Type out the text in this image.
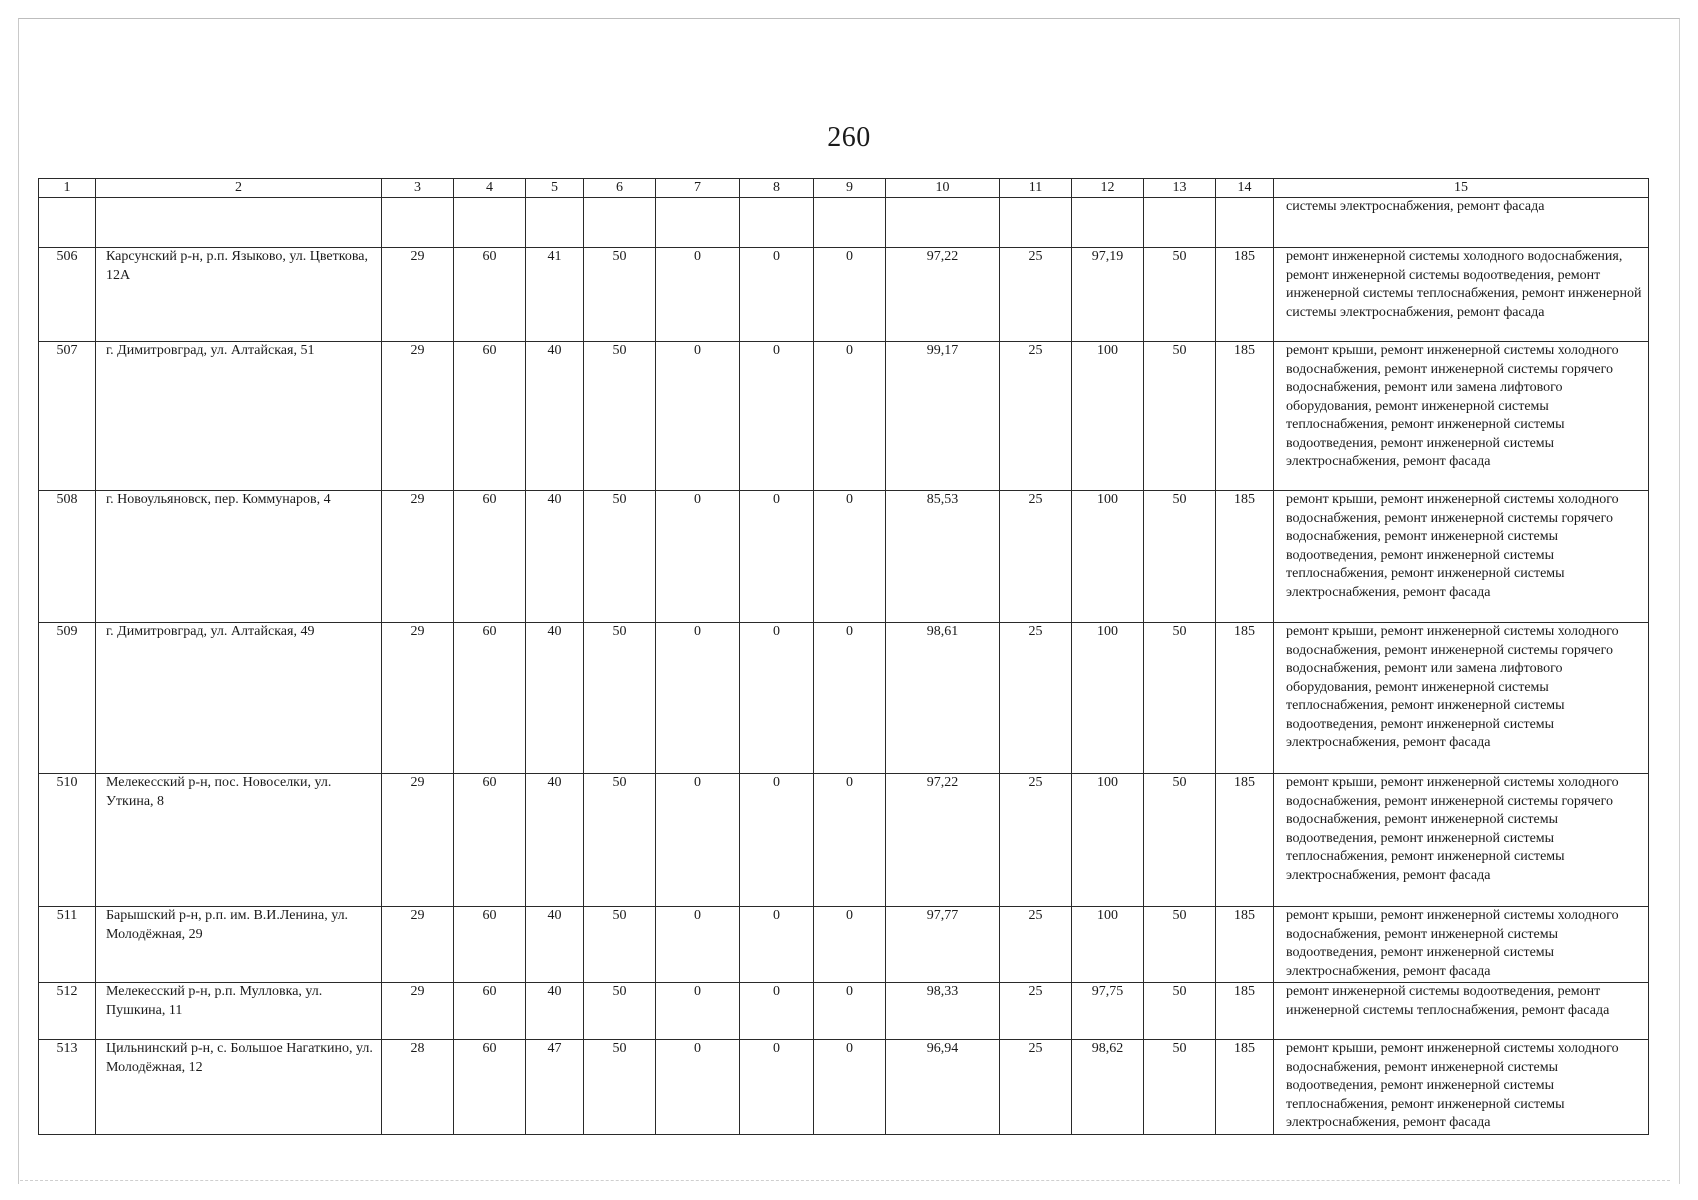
260
1	2	3	4	5	6	7	8	9	10	11	12	13	14	15
														системы электроснабжения, ремонт фасада
506	Карсунский р-н, р.п. Языково, ул. Цветкова, 12А	29	60	41	50	0	0	0	97,22	25	97,19	50	185	ремонт инженерной системы холодного водоснабжения, ремонт инженерной системы водоотведения, ремонт инженерной системы теплоснабжения, ремонт инженерной системы электроснабжения, ремонт фасада
507	г. Димитровград, ул. Алтайская, 51	29	60	40	50	0	0	0	99,17	25	100	50	185	ремонт крыши, ремонт инженерной системы холодного водоснабжения, ремонт инженерной системы горячего водоснабжения, ремонт или замена лифтового оборудования, ремонт инженерной системы теплоснабжения, ремонт инженерной системы водоотведения, ремонт инженерной системы электроснабжения, ремонт фасада
508	г. Новоульяновск, пер. Коммунаров, 4	29	60	40	50	0	0	0	85,53	25	100	50	185	ремонт крыши, ремонт инженерной системы холодного водоснабжения, ремонт инженерной системы горячего водоснабжения, ремонт инженерной системы водоотведения, ремонт инженерной системы теплоснабжения, ремонт инженерной системы электроснабжения, ремонт фасада
509	г. Димитровград, ул. Алтайская, 49	29	60	40	50	0	0	0	98,61	25	100	50	185	ремонт крыши, ремонт инженерной системы холодного водоснабжения, ремонт инженерной системы горячего водоснабжения, ремонт или замена лифтового оборудования, ремонт инженерной системы теплоснабжения, ремонт инженерной системы водоотведения, ремонт инженерной системы электроснабжения, ремонт фасада
510	Мелекесский р-н, пос. Новоселки, ул. Уткина, 8	29	60	40	50	0	0	0	97,22	25	100	50	185	ремонт крыши, ремонт инженерной системы холодного водоснабжения, ремонт инженерной системы горячего водоснабжения, ремонт инженерной системы водоотведения, ремонт инженерной системы теплоснабжения, ремонт инженерной системы электроснабжения, ремонт фасада
511	Барышский р-н, р.п. им. В.И.Ленина, ул. Молодёжная, 29	29	60	40	50	0	0	0	97,77	25	100	50	185	ремонт крыши, ремонт инженерной системы холодного водоснабжения, ремонт инженерной системы водоотведения, ремонт инженерной системы электроснабжения, ремонт фасада
512	Мелекесский р-н, р.п. Мулловка, ул. Пушкина, 11	29	60	40	50	0	0	0	98,33	25	97,75	50	185	ремонт инженерной системы водоотведения, ремонт инженерной системы теплоснабжения, ремонт фасада
513	Цильнинский р-н, с. Большое Нагаткино, ул. Молодёжная, 12	28	60	47	50	0	0	0	96,94	25	98,62	50	185	ремонт крыши, ремонт инженерной системы холодного водоснабжения, ремонт инженерной системы водоотведения, ремонт инженерной системы теплоснабжения, ремонт инженерной системы электроснабжения, ремонт фасада
